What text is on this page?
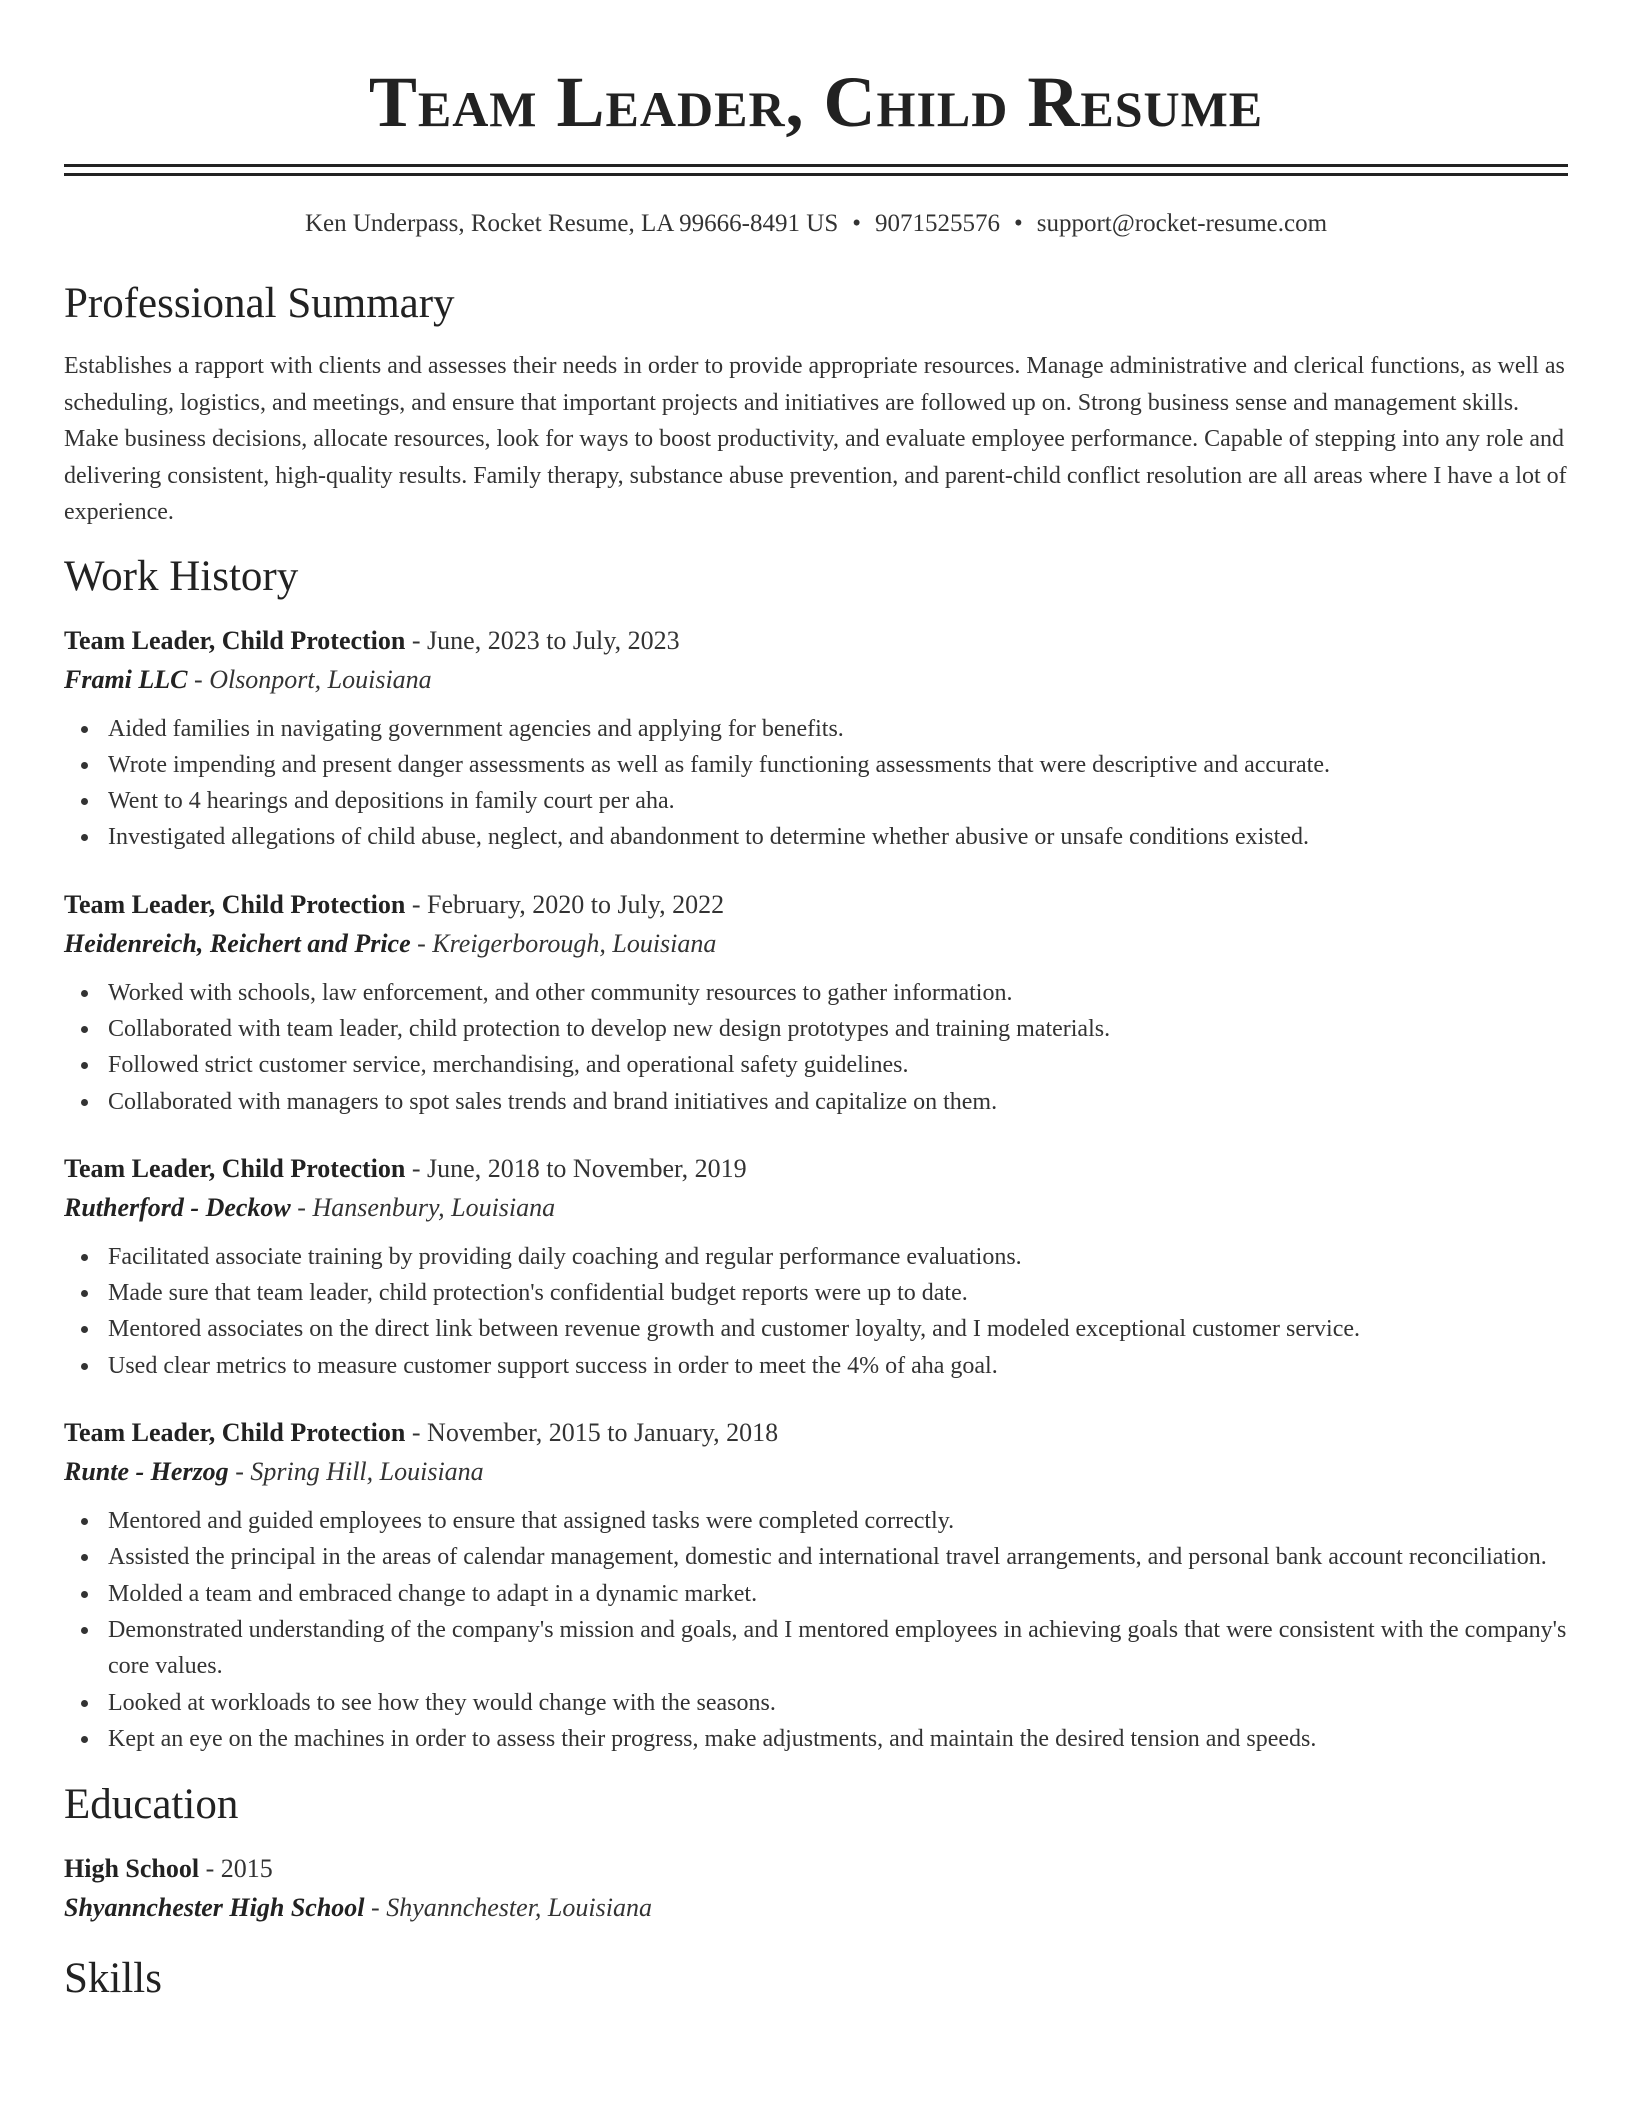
Team Leader, Child Resume
Ken Underpass, Rocket Resume, LA 99666-8491 US • 9071525576 • support@rocket-resume.com
Professional Summary
Establishes a rapport with clients and assesses their needs in order to provide appropriate resources. Manage administrative and clerical functions, as well as scheduling, logistics, and meetings, and ensure that important projects and initiatives are followed up on. Strong business sense and management skills. Make business decisions, allocate resources, look for ways to boost productivity, and evaluate employee performance. Capable of stepping into any role and delivering consistent, high-quality results. Family therapy, substance abuse prevention, and parent-child conflict resolution are all areas where I have a lot of experience.
Work History
Team Leader, Child Protection - June, 2023 to July, 2023
Frami LLC - Olsonport, Louisiana
Aided families in navigating government agencies and applying for benefits.
Wrote impending and present danger assessments as well as family functioning assessments that were descriptive and accurate.
Went to 4 hearings and depositions in family court per aha.
Investigated allegations of child abuse, neglect, and abandonment to determine whether abusive or unsafe conditions existed.
Team Leader, Child Protection - February, 2020 to July, 2022
Heidenreich, Reichert and Price - Kreigerborough, Louisiana
Worked with schools, law enforcement, and other community resources to gather information.
Collaborated with team leader, child protection to develop new design prototypes and training materials.
Followed strict customer service, merchandising, and operational safety guidelines.
Collaborated with managers to spot sales trends and brand initiatives and capitalize on them.
Team Leader, Child Protection - June, 2018 to November, 2019
Rutherford - Deckow - Hansenbury, Louisiana
Facilitated associate training by providing daily coaching and regular performance evaluations.
Made sure that team leader, child protection's confidential budget reports were up to date.
Mentored associates on the direct link between revenue growth and customer loyalty, and I modeled exceptional customer service.
Used clear metrics to measure customer support success in order to meet the 4% of aha goal.
Team Leader, Child Protection - November, 2015 to January, 2018
Runte - Herzog - Spring Hill, Louisiana
Mentored and guided employees to ensure that assigned tasks were completed correctly.
Assisted the principal in the areas of calendar management, domestic and international travel arrangements, and personal bank account reconciliation.
Molded a team and embraced change to adapt in a dynamic market.
Demonstrated understanding of the company's mission and goals, and I mentored employees in achieving goals that were consistent with the company's core values.
Looked at workloads to see how they would change with the seasons.
Kept an eye on the machines in order to assess their progress, make adjustments, and maintain the desired tension and speeds.
Education
High School - 2015
Shyannchester High School - Shyannchester, Louisiana
Skills
